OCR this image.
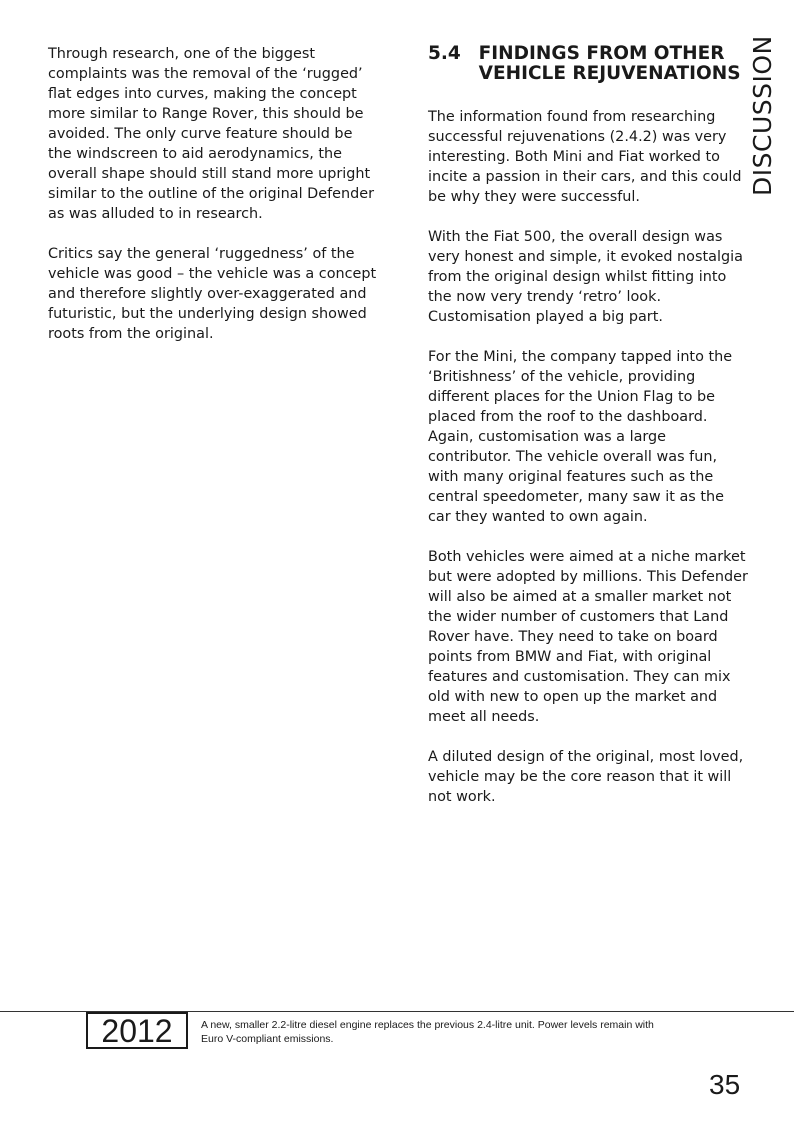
Through research, one of the biggest complaints was the removal of the ‘rugged’ flat edges into curves, making the concept more similar to Range Rover, this should be avoided. The only curve feature should be the windscreen to aid aerodynamics, the overall shape should still stand more upright similar to the outline of the original Defender as was alluded to in research.

Critics say the general ‘ruggedness’ of the vehicle was good – the vehicle was a concept and therefore slightly over-exaggerated and futuristic, but the underlying design showed roots from the original.

5.4 FINDINGS FROM OTHER VEHICLE REJUVENATIONS

The information found from researching successful rejuvenations (2.4.2) was very interesting. Both Mini and Fiat worked to incite a passion in their cars, and this could be why they were successful.

With the Fiat 500, the overall design was very honest and simple, it evoked nostalgia from the original design whilst fitting into the now very trendy ‘retro’ look. Customisation played a big part.

For the Mini, the company tapped into the ‘Britishness’ of the vehicle, providing different places for the Union Flag to be placed from the roof to the dashboard. Again, customisation was a large contributor. The vehicle overall was fun, with many original features such as the central speedometer, many saw it as the car they wanted to own again.

Both vehicles were aimed at a niche market but were adopted by millions. This Defender will also be aimed at a smaller market not the wider number of customers that Land Rover have. They need to take on board points from BMW and Fiat, with original features and customisation. They can mix old with new to open up the market and meet all needs.

A diluted design of the original, most loved, vehicle may be the core reason that it will not work.

DISCUSSION
2012	A new, smaller 2.2-litre diesel engine replaces the previous 2.4-litre unit. Power levels remain with Euro V-compliant emissions.
35
